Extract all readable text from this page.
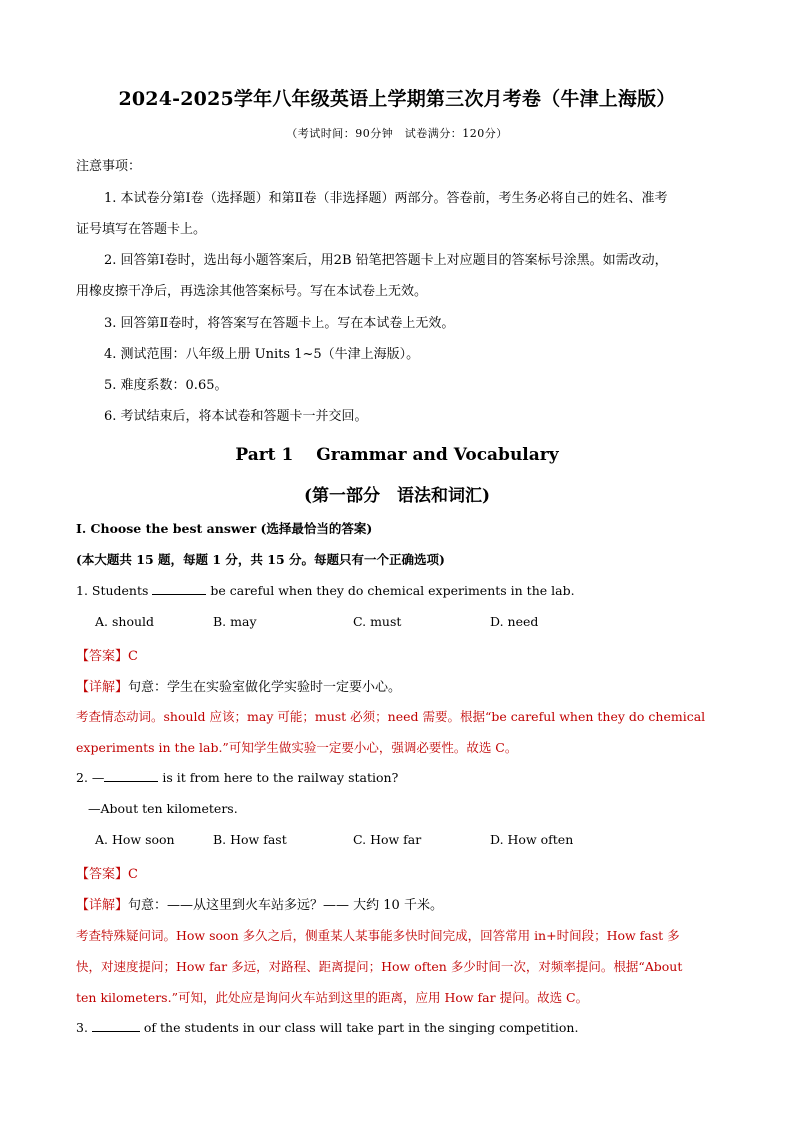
2024-2025学年八年级英语上学期第三次月考卷（牛津上海版）
（考试时间：90分钟　试卷满分：120分）
注意事项：
1. 本试卷分第Ⅰ卷（选择题）和第Ⅱ卷（非选择题）两部分。答卷前，考生务必将自己的姓名、准考
证号填写在答题卡上。
2. 回答第Ⅰ卷时，选出每小题答案后，用2B 铅笔把答题卡上对应题目的答案标号涂黑。如需改动，
用橡皮擦干净后，再选涂其他答案标号。写在本试卷上无效。
3. 回答第Ⅱ卷时，将答案写在答题卡上。写在本试卷上无效。
4. 测试范围：八年级上册 Units 1~5（牛津上海版）。
5. 难度系数：0.65。
6. 考试结束后，将本试卷和答题卡一并交回。
Part 1　 Grammar and Vocabulary
(第一部分　语法和词汇)
I. Choose the best answer (选择最恰当的答案)
(本大题共 15 题，每题 1 分，共 15 分。每题只有一个正确选项)
1. Students	be careful when they do chemical experiments in the lab.
A. should	B. may	C. must	D. need
【答案】C
【详解】句意：学生在实验室做化学实验时一定要小心。
考查情态动词。should 应该；may 可能；must 必须；need 需要。根据“be careful when they do chemical
experiments in the lab.”可知学生做实验一定要小心，强调必要性。故选 C。
2. —	is it from here to the railway station?
—About ten kilometers.
A. How soon	B. How fast	C. How far	D. How often
【答案】C
【详解】句意：——从这里到火车站多远？—— 大约 10 千米。
考查特殊疑问词。How soon 多久之后，侧重某人某事能多快时间完成，回答常用 in+时间段；How fast 多
快，对速度提问；How far 多远，对路程、距离提问；How often 多少时间一次，对频率提问。根据“About
ten kilometers.”可知，此处应是询问火车站到这里的距离，应用 How far 提问。故选 C。
3.	of the students in our class will take part in the singing competition.
